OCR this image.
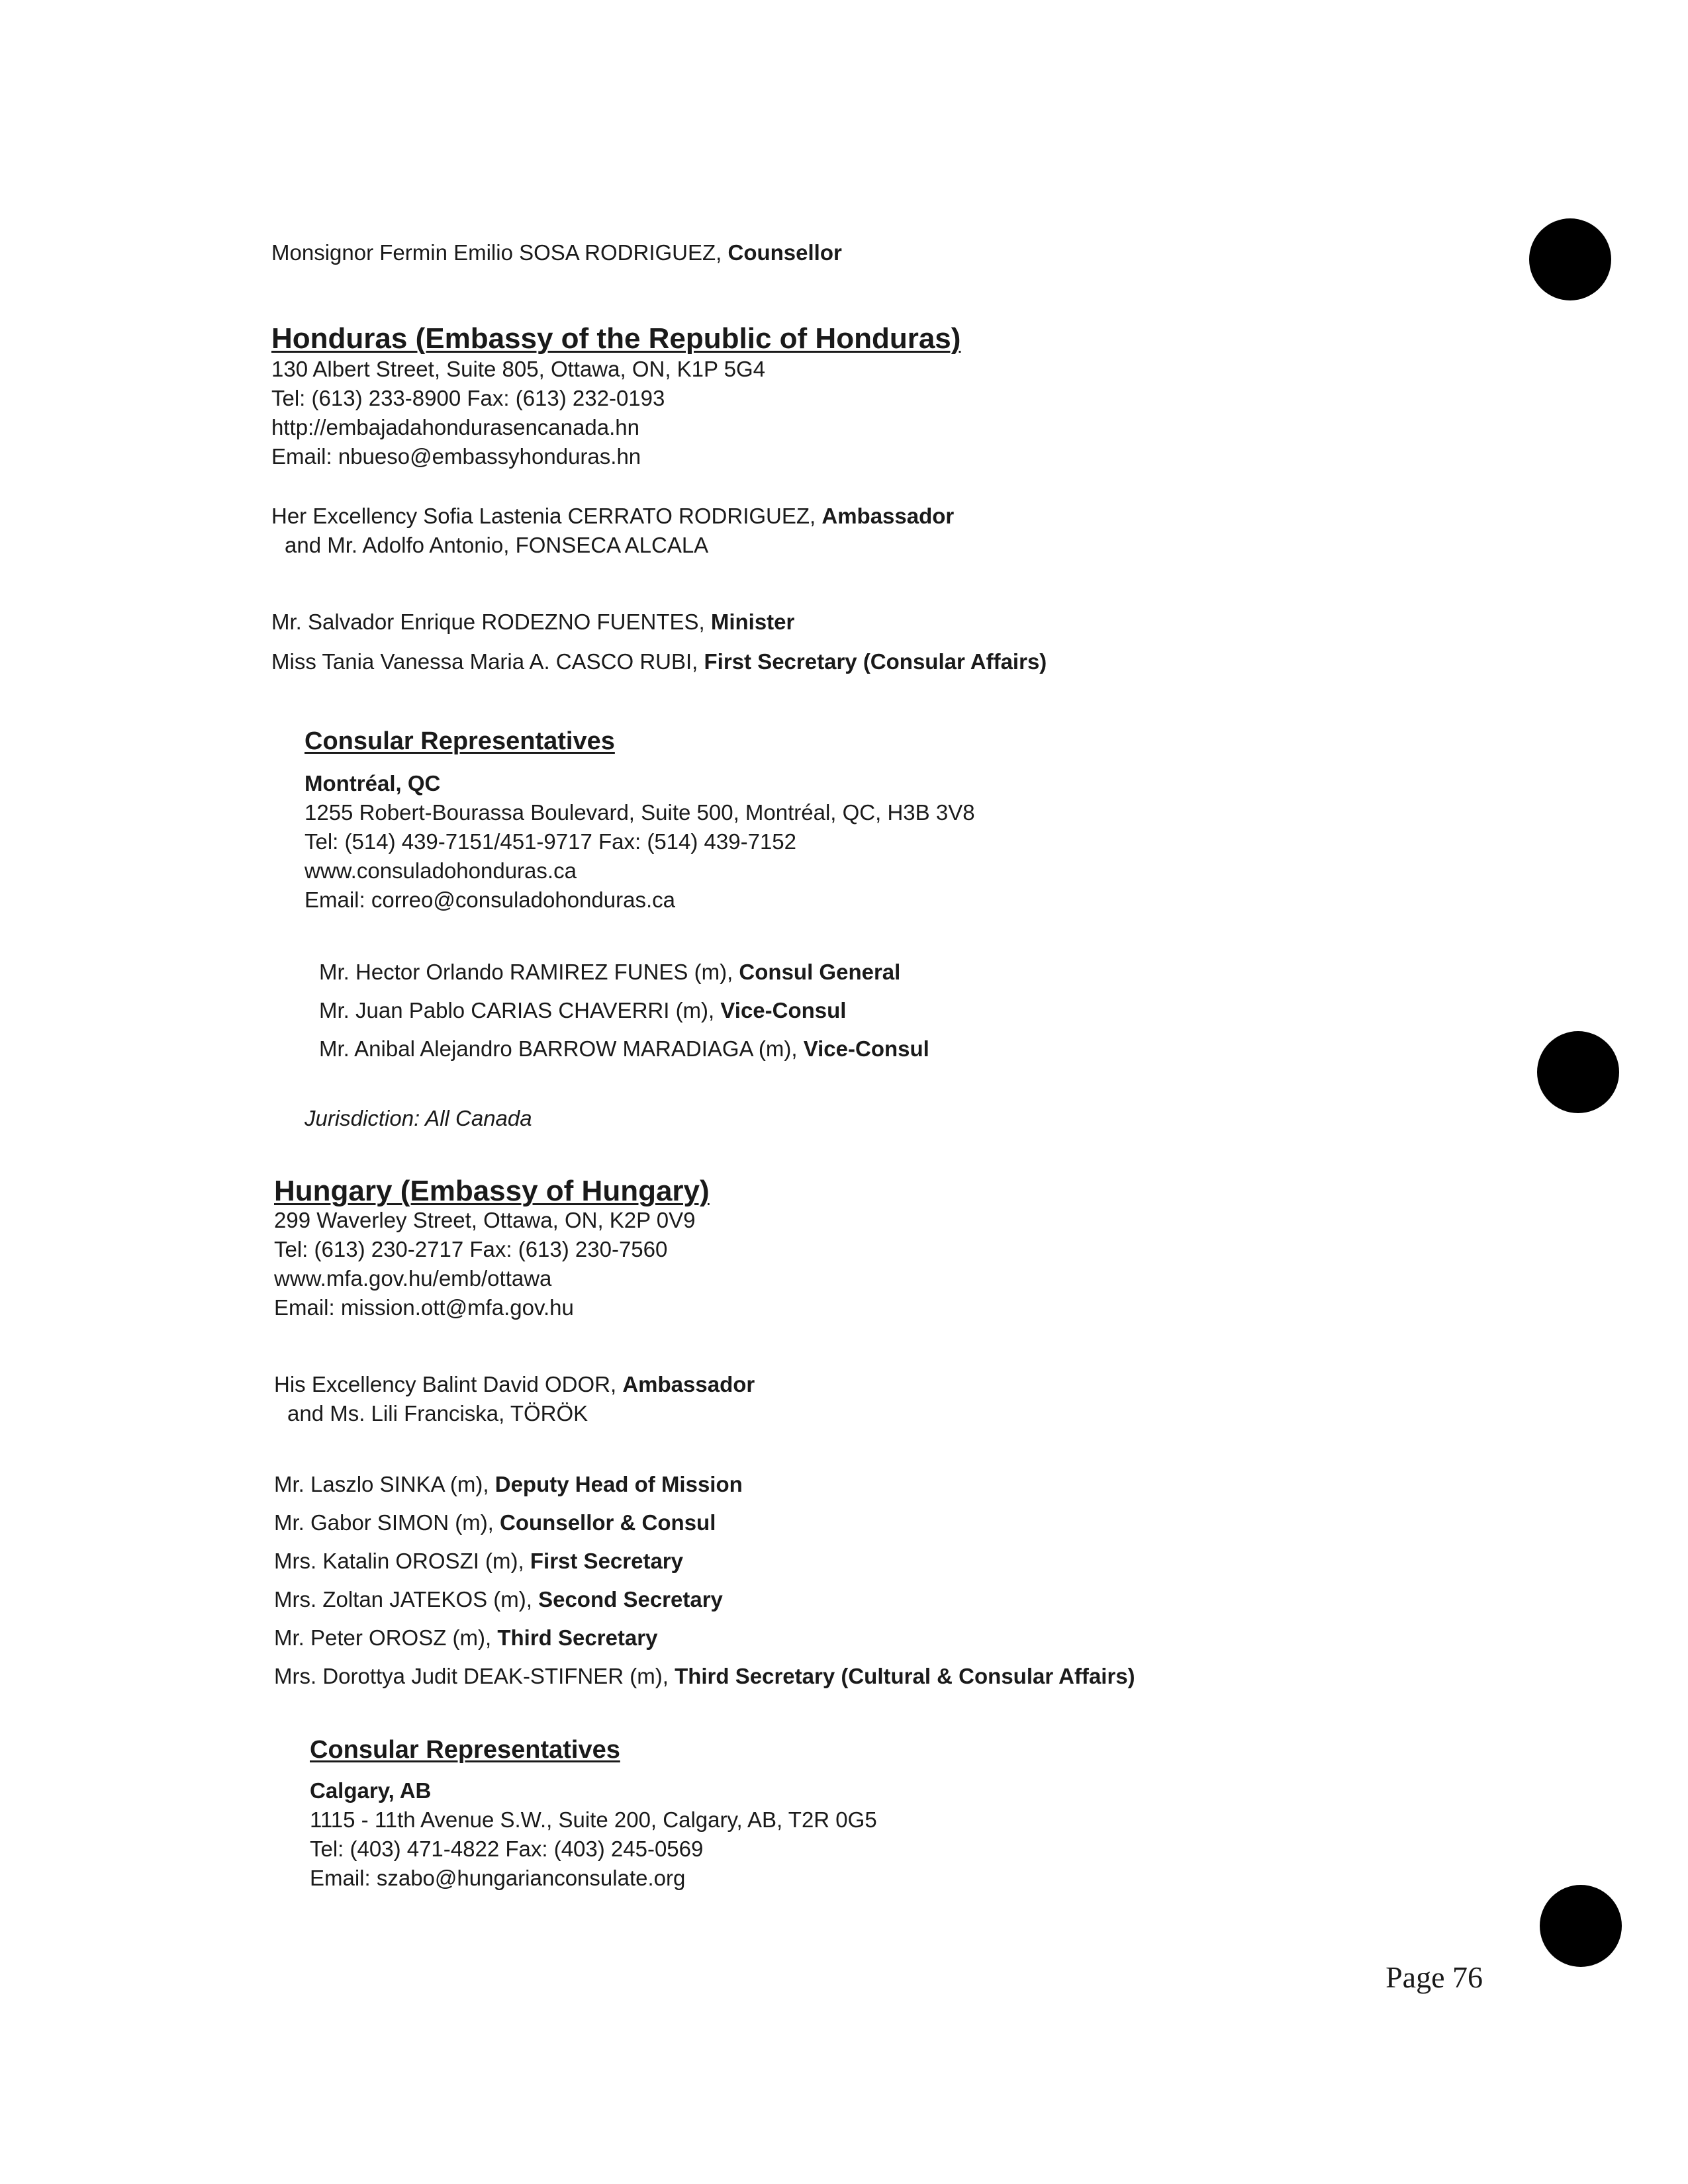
Monsignor Fermin Emilio SOSA RODRIGUEZ, Counsellor
Honduras (Embassy of the Republic of Honduras)
130 Albert Street, Suite 805, Ottawa, ON, K1P 5G4
Tel: (613) 233-8900 Fax: (613) 232-0193
http://embajadahondurasencanada.hn
Email: nbueso@embassyhonduras.hn
Her Excellency Sofia Lastenia CERRATO RODRIGUEZ, Ambassador
and Mr. Adolfo Antonio, FONSECA ALCALA
Mr. Salvador Enrique RODEZNO FUENTES, Minister
Miss Tania Vanessa Maria A. CASCO RUBI, First Secretary (Consular Affairs)
Consular Representatives
Montréal, QC
1255 Robert-Bourassa Boulevard, Suite 500, Montréal, QC, H3B 3V8
Tel: (514) 439-7151/451-9717 Fax: (514) 439-7152
www.consuladohonduras.ca
Email: correo@consuladohonduras.ca
Mr. Hector Orlando RAMIREZ FUNES (m), Consul General
Mr. Juan Pablo CARIAS CHAVERRI (m), Vice-Consul
Mr. Anibal Alejandro BARROW MARADIAGA (m), Vice-Consul
Jurisdiction: All Canada
Hungary (Embassy of Hungary)
299 Waverley Street, Ottawa, ON, K2P 0V9
Tel: (613) 230-2717 Fax: (613) 230-7560
www.mfa.gov.hu/emb/ottawa
Email: mission.ott@mfa.gov.hu
His Excellency Balint David ODOR, Ambassador
and Ms. Lili Franciska, TÖRÖK
Mr. Laszlo SINKA (m), Deputy Head of Mission
Mr. Gabor SIMON (m), Counsellor & Consul
Mrs. Katalin OROSZI (m), First Secretary
Mrs. Zoltan JATEKOS (m), Second Secretary
Mr. Peter OROSZ (m), Third Secretary
Mrs. Dorottya Judit DEAK-STIFNER (m), Third Secretary (Cultural & Consular Affairs)
Consular Representatives
Calgary, AB
1115 - 11th Avenue S.W., Suite 200, Calgary, AB, T2R 0G5
Tel: (403) 471-4822 Fax: (403) 245-0569
Email: szabo@hungarianconsulate.org
Page 76
